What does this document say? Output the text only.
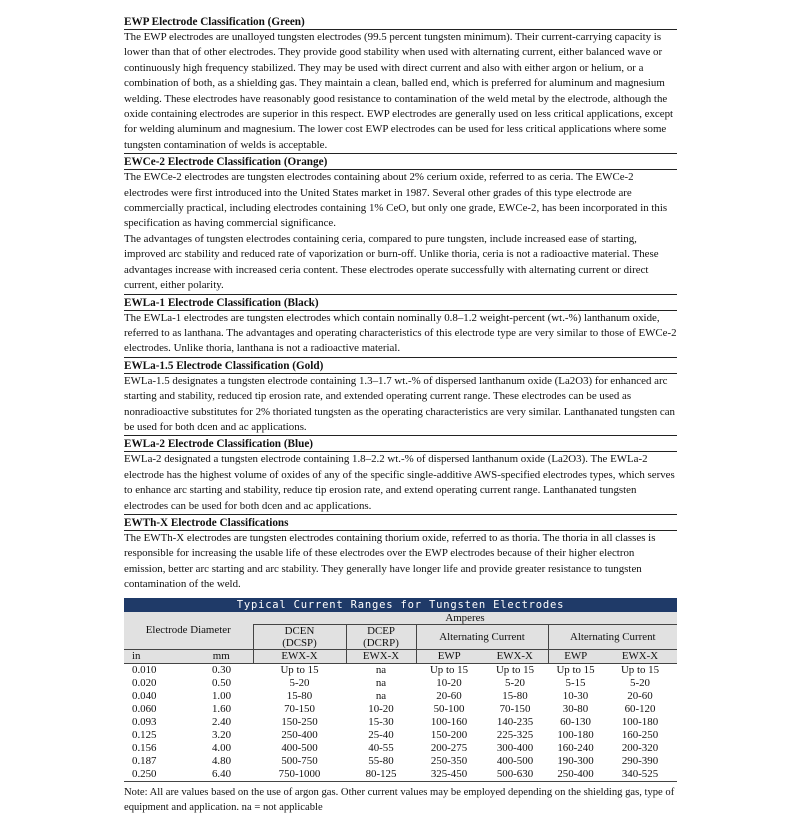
EWP Electrode Classification (Green)

The EWP electrodes are unalloyed tungsten electrodes (99.5 percent tungsten minimum). Their current-carrying capacity is lower than that of other electrodes. They provide good stability when used with alternating current, either balanced wave or continuously high frequency stabilized. They may be used with direct current and also with either argon or helium, or a combination of both, as a shielding gas. They maintain a clean, balled end, which is preferred for aluminum and magnesium welding. These electrodes have reasonably good resistance to contamination of the weld metal by the electrode, although the oxide containing electrodes are superior in this respect. EWP electrodes are generally used on less critical applications, except for welding aluminum and magnesium. The lower cost EWP electrodes can be used for less critical applications where some tungsten contamination of welds is acceptable.

EWCe-2 Electrode Classification (Orange)

The EWCe-2 electrodes are tungsten electrodes containing about 2% cerium oxide, referred to as ceria. The EWCe-2 electrodes were first introduced into the United States market in 1987. Several other grades of this type electrode are commercially practical, including electrodes containing 1% CeO, but only one grade, EWCe-2, has been incorporated in this specification as having commercial significance.

The advantages of tungsten electrodes containing ceria, compared to pure tungsten, include increased ease of starting, improved arc stability and reduced rate of vaporization or burn-off. Unlike thoria, ceria is not a radioactive material. These advantages increase with increased ceria content. These electrodes operate successfully with alternating current or direct current, either polarity.

EWLa-1 Electrode Classification (Black)

The EWLa-1 electrodes are tungsten electrodes which contain nominally 0.8–1.2 weight-percent (wt.-%) lanthanum oxide, referred to as lanthana. The advantages and operating characteristics of this electrode type are very similar to those of EWCe-2 electrodes. Unlike thoria, lanthana is not a radioactive material.

EWLa-1.5 Electrode Classification (Gold)

EWLa-1.5 designates a tungsten electrode containing 1.3–1.7 wt.-% of dispersed lanthanum oxide (La2O3) for enhanced arc starting and stability, reduced tip erosion rate, and extended operating current range. These electrodes can be used as nonradioactive substitutes for 2% thoriated tungsten as the operating characteristics are very similar. Lanthanated tungsten can be used for both dcen and ac applications.

EWLa-2 Electrode Classification (Blue)

EWLa-2 designated a tungsten electrode containing 1.8–2.2 wt.-% of dispersed lanthanum oxide (La2O3). The EWLa-2 electrode has the highest volume of oxides of any of the specific single-additive AWS-specified electrodes types, which serves to enhance arc starting and stability, reduce tip erosion rate, and extend operating current range. Lanthanated tungsten electrodes can be used for both dcen and ac applications.

EWTh-X Electrode Classifications

The EWTh-X electrodes are tungsten electrodes containing thorium oxide, referred to as thoria. The thoria in all classes is responsible for increasing the usable life of these electrodes over the EWP electrodes because of their higher electron emission, better arc starting and arc stability. They generally have longer life and provide greater resistance to tungsten contamination of the weld.

Typical Current Ranges for Tungsten Electrodes							
Electrode Diameter		Amperes					
		DCEN	DCEP	Alternating Current		Alternating Current	
		(DCSP)	(DCRP)				
in	mm	EWX-X	EWX-X	EWP	EWX-X	EWP	EWX-X
0.010	0.30	Up to 15	na	Up to 15	Up to 15	Up to 15	Up to 15
0.020	0.50	5-20	na	10-20	5-20	5-15	5-20
0.040	1.00	15-80	na	20-60	15-80	10-30	20-60
0.060	1.60	70-150	10-20	50-100	70-150	30-80	60-120
0.093	2.40	150-250	15-30	100-160	140-235	60-130	100-180
0.125	3.20	250-400	25-40	150-200	225-325	100-180	160-250
0.156	4.00	400-500	40-55	200-275	300-400	160-240	200-320
0.187	4.80	500-750	55-80	250-350	400-500	190-300	290-390
0.250	6.40	750-1000	80-125	325-450	500-630	250-400	340-525
Note: All are values based on the use of argon gas. Other current values may be employed depending on the shielding gas, type of equipment and application. na = not applicable
